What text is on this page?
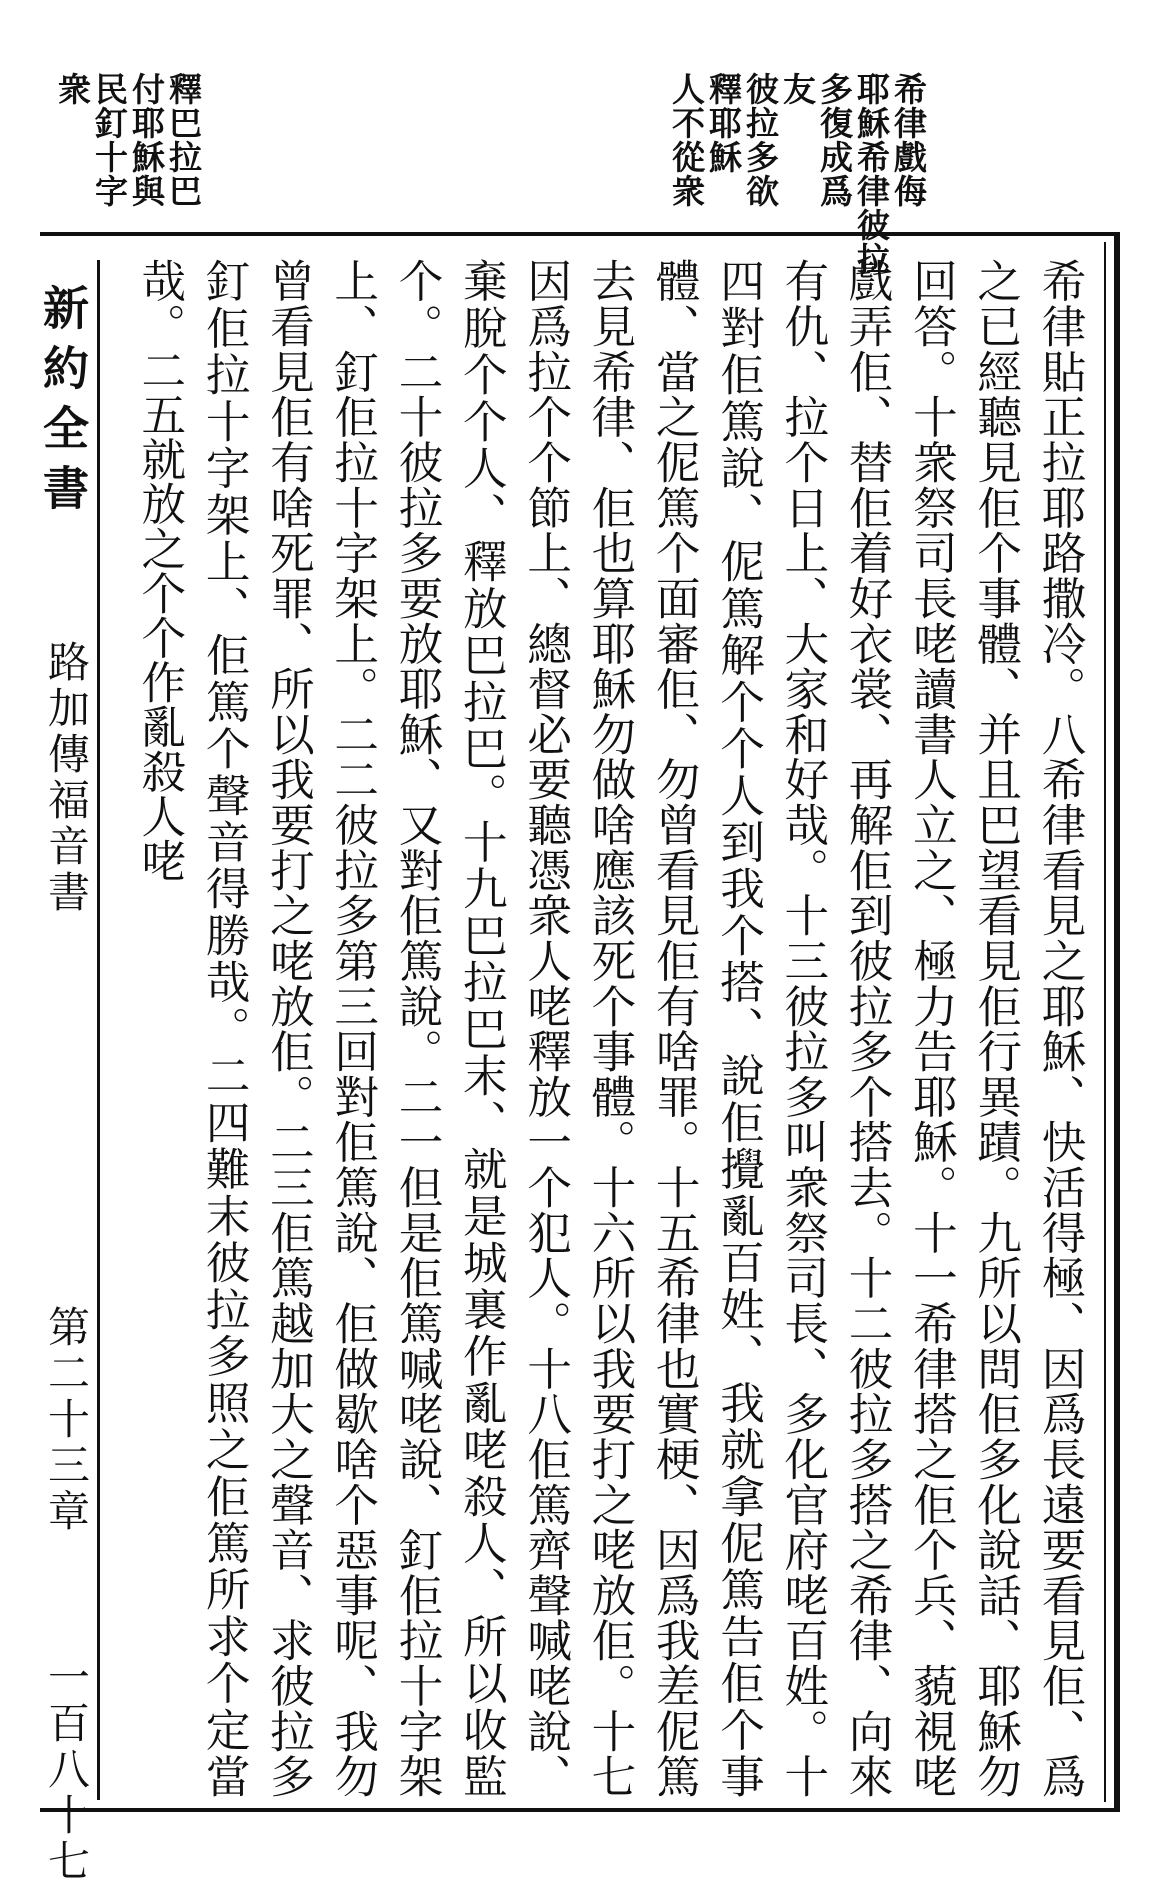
希律戲侮
耶穌希律彼拉
多復成爲
友
彼拉多欲
釋耶穌
人不從衆
釋巴拉巴
付耶穌與
民釘十字
衆
新約全書
路加傳福音書
第二十三章
一百八十七	希律貼正拉耶路撒冷。八希律看見之耶穌、快活得極、因爲長遠要看見佢、爲之已經聽見佢个事體、并且巴望看見佢行異蹟。九所以問佢多化說話、耶穌勿回答。十衆祭司長咾讀書人立之、極力告耶穌。十一希律搭之佢个兵、藐視咾戲弄佢、替佢着好衣裳、再解佢到彼拉多个搭去。十二彼拉多搭之希律、向來有仇、拉个日上、大家和好哉。十三彼拉多叫衆祭司長、多化官府咾百姓。十四對佢篤說、伲篤解个个人到我个搭、說佢攪亂百姓、我就拿伲篤告佢个事體、當之伲篤个面審佢、勿曾看見佢有啥罪。十五希律也實梗、因爲我差伲篤去見希律、佢也算耶穌勿做啥應該死个事體。十六所以我要打之咾放佢。十七因爲拉个个節上、總督必要聽憑衆人咾釋放一个犯人。十八佢篤齊聲喊咾說、棄脫个个人、釋放巴拉巴。十九巴拉巴末、就是城裏作亂咾殺人、所以收監个。二十彼拉多要放耶穌、又對佢篤說。二一但是佢篤喊咾說、釘佢拉十字架上、釘佢拉十字架上。二二彼拉多第三回對佢篤說、佢做歇啥个惡事呢、我勿曾看見佢有啥死罪、所以我要打之咾放佢。二三佢篤越加大之聲音、求彼拉多釘佢拉十字架上、佢篤个聲音得勝哉。二四難末彼拉多照之佢篤所求个定當哉。二五就放之个个作亂殺人咾
